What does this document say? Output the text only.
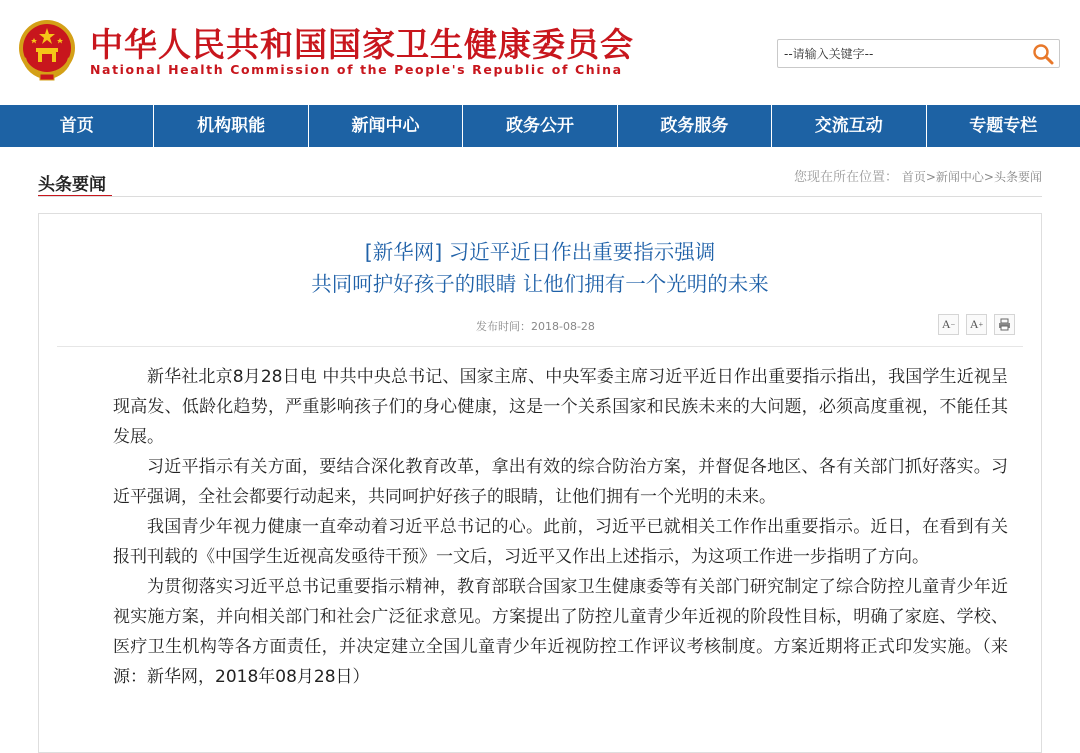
中华人民共和国国家卫生健康委员会
National Health Commission of the People's Republic of China
--请输入关键字--
首页	机构职能	新闻中心	政务公开	政务服务	交流互动	专题专栏
头条要闻	您现在所在位置： 首页>新闻中心>头条要闻
[新华网] 习近平近日作出重要指示强调
共同呵护好孩子的眼睛 让他们拥有一个光明的未来
发布时间：2018-08-28	A − A +

新华社北京8月28日电 中共中央总书记、国家主席、中央军委主席习近平近日作出重要指示指出，我国学生近视呈现高发、低龄化趋势，严重影响孩子们的身心健康，这是一个关系国家和民族未来的大问题，必须高度重视，不能任其发展。

习近平指示有关方面，要结合深化教育改革，拿出有效的综合防治方案，并督促各地区、各有关部门抓好落实。习近平强调，全社会都要行动起来，共同呵护好孩子的眼睛，让他们拥有一个光明的未来。

我国青少年视力健康一直牵动着习近平总书记的心。此前，习近平已就相关工作作出重要指示。近日，在看到有关报刊刊载的《中国学生近视高发亟待干预》一文后，习近平又作出上述指示，为这项工作进一步指明了方向。

为贯彻落实习近平总书记重要指示精神，教育部联合国家卫生健康委等有关部门研究制定了综合防控儿童青少年近视实施方案，并向相关部门和社会广泛征求意见。方案提出了防控儿童青少年近视的阶段性目标，明确了家庭、学校、医疗卫生机构等各方面责任，并决定建立全国儿童青少年近视防控工作评议考核制度。方案近期将正式印发实施。（来源：新华网，2018年08月28日）
